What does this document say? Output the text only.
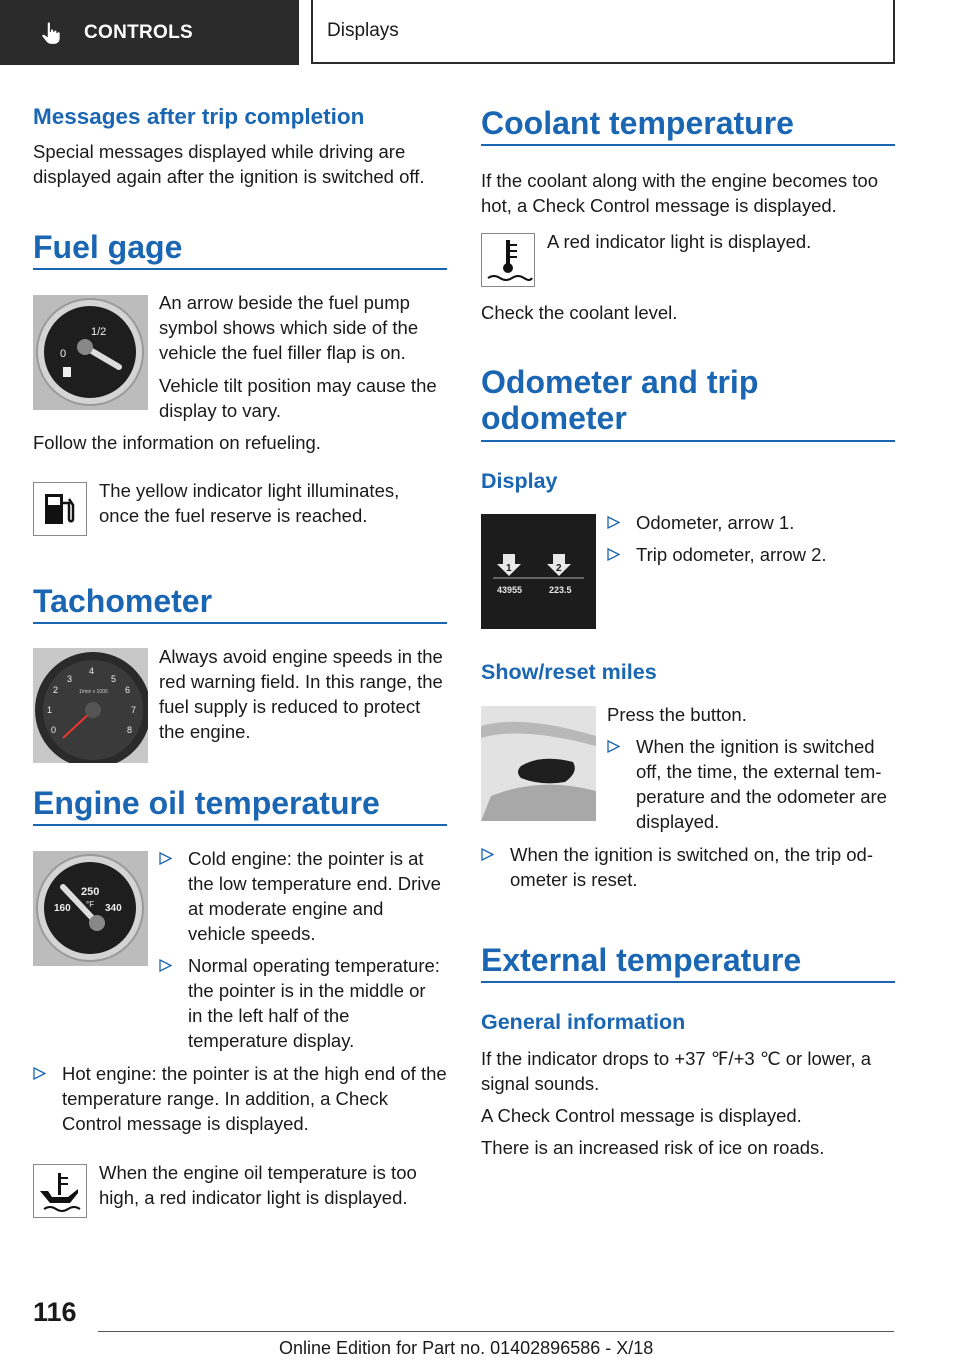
CONTROLS	Displays
Messages after trip completion

Special messages displayed while driving are displayed again after the ignition is switched off.

Fuel gage
1/2
0

An arrow beside the fuel pump symbol shows which side of the vehicle the fuel filler flap is on.

Vehicle tilt position may cause the display to vary.

Follow the information on refueling.

The yellow indicator light illuminates, once the fuel reserve is reached.

Tachometer
4
3	5
2	6
1	7
0	8
1/min x 1000

Always avoid engine speeds in the red warning field. In this range, the fuel supply is reduced to protect the engine.

Engine oil temperature
250
°F
160	340
Cold engine: the pointer is at the low temperature end. Drive at moderate engine and vehicle speeds.
Normal operating temperature: the pointer is in the middle or in the left half of the temperature display.
Hot engine: the pointer is at the high end of the temperature range. In addition, a Check Control message is displayed.

When the engine oil temperature is too high, a red indicator light is displayed.

Coolant temperature

If the coolant along with the engine becomes too hot, a Check Control message is displayed.

A red indicator light is displayed.

Check the coolant level.

Odometer and trip odometer
Display
1	2
43955	223.5
Odometer, arrow 1.
Trip odometer, arrow 2.
Show/reset miles

Press the button.

When the ignition is switched off, the time, the external temperature and the odometer are displayed.
When the ignition is switched on, the trip odometer is reset.
External temperature
General information

If the indicator drops to +37 ℉/+3 ℃ or lower, a signal sounds.

A Check Control message is displayed.

There is an increased risk of ice on roads.

116
Online Edition for Part no. 01402896586 - X/18
